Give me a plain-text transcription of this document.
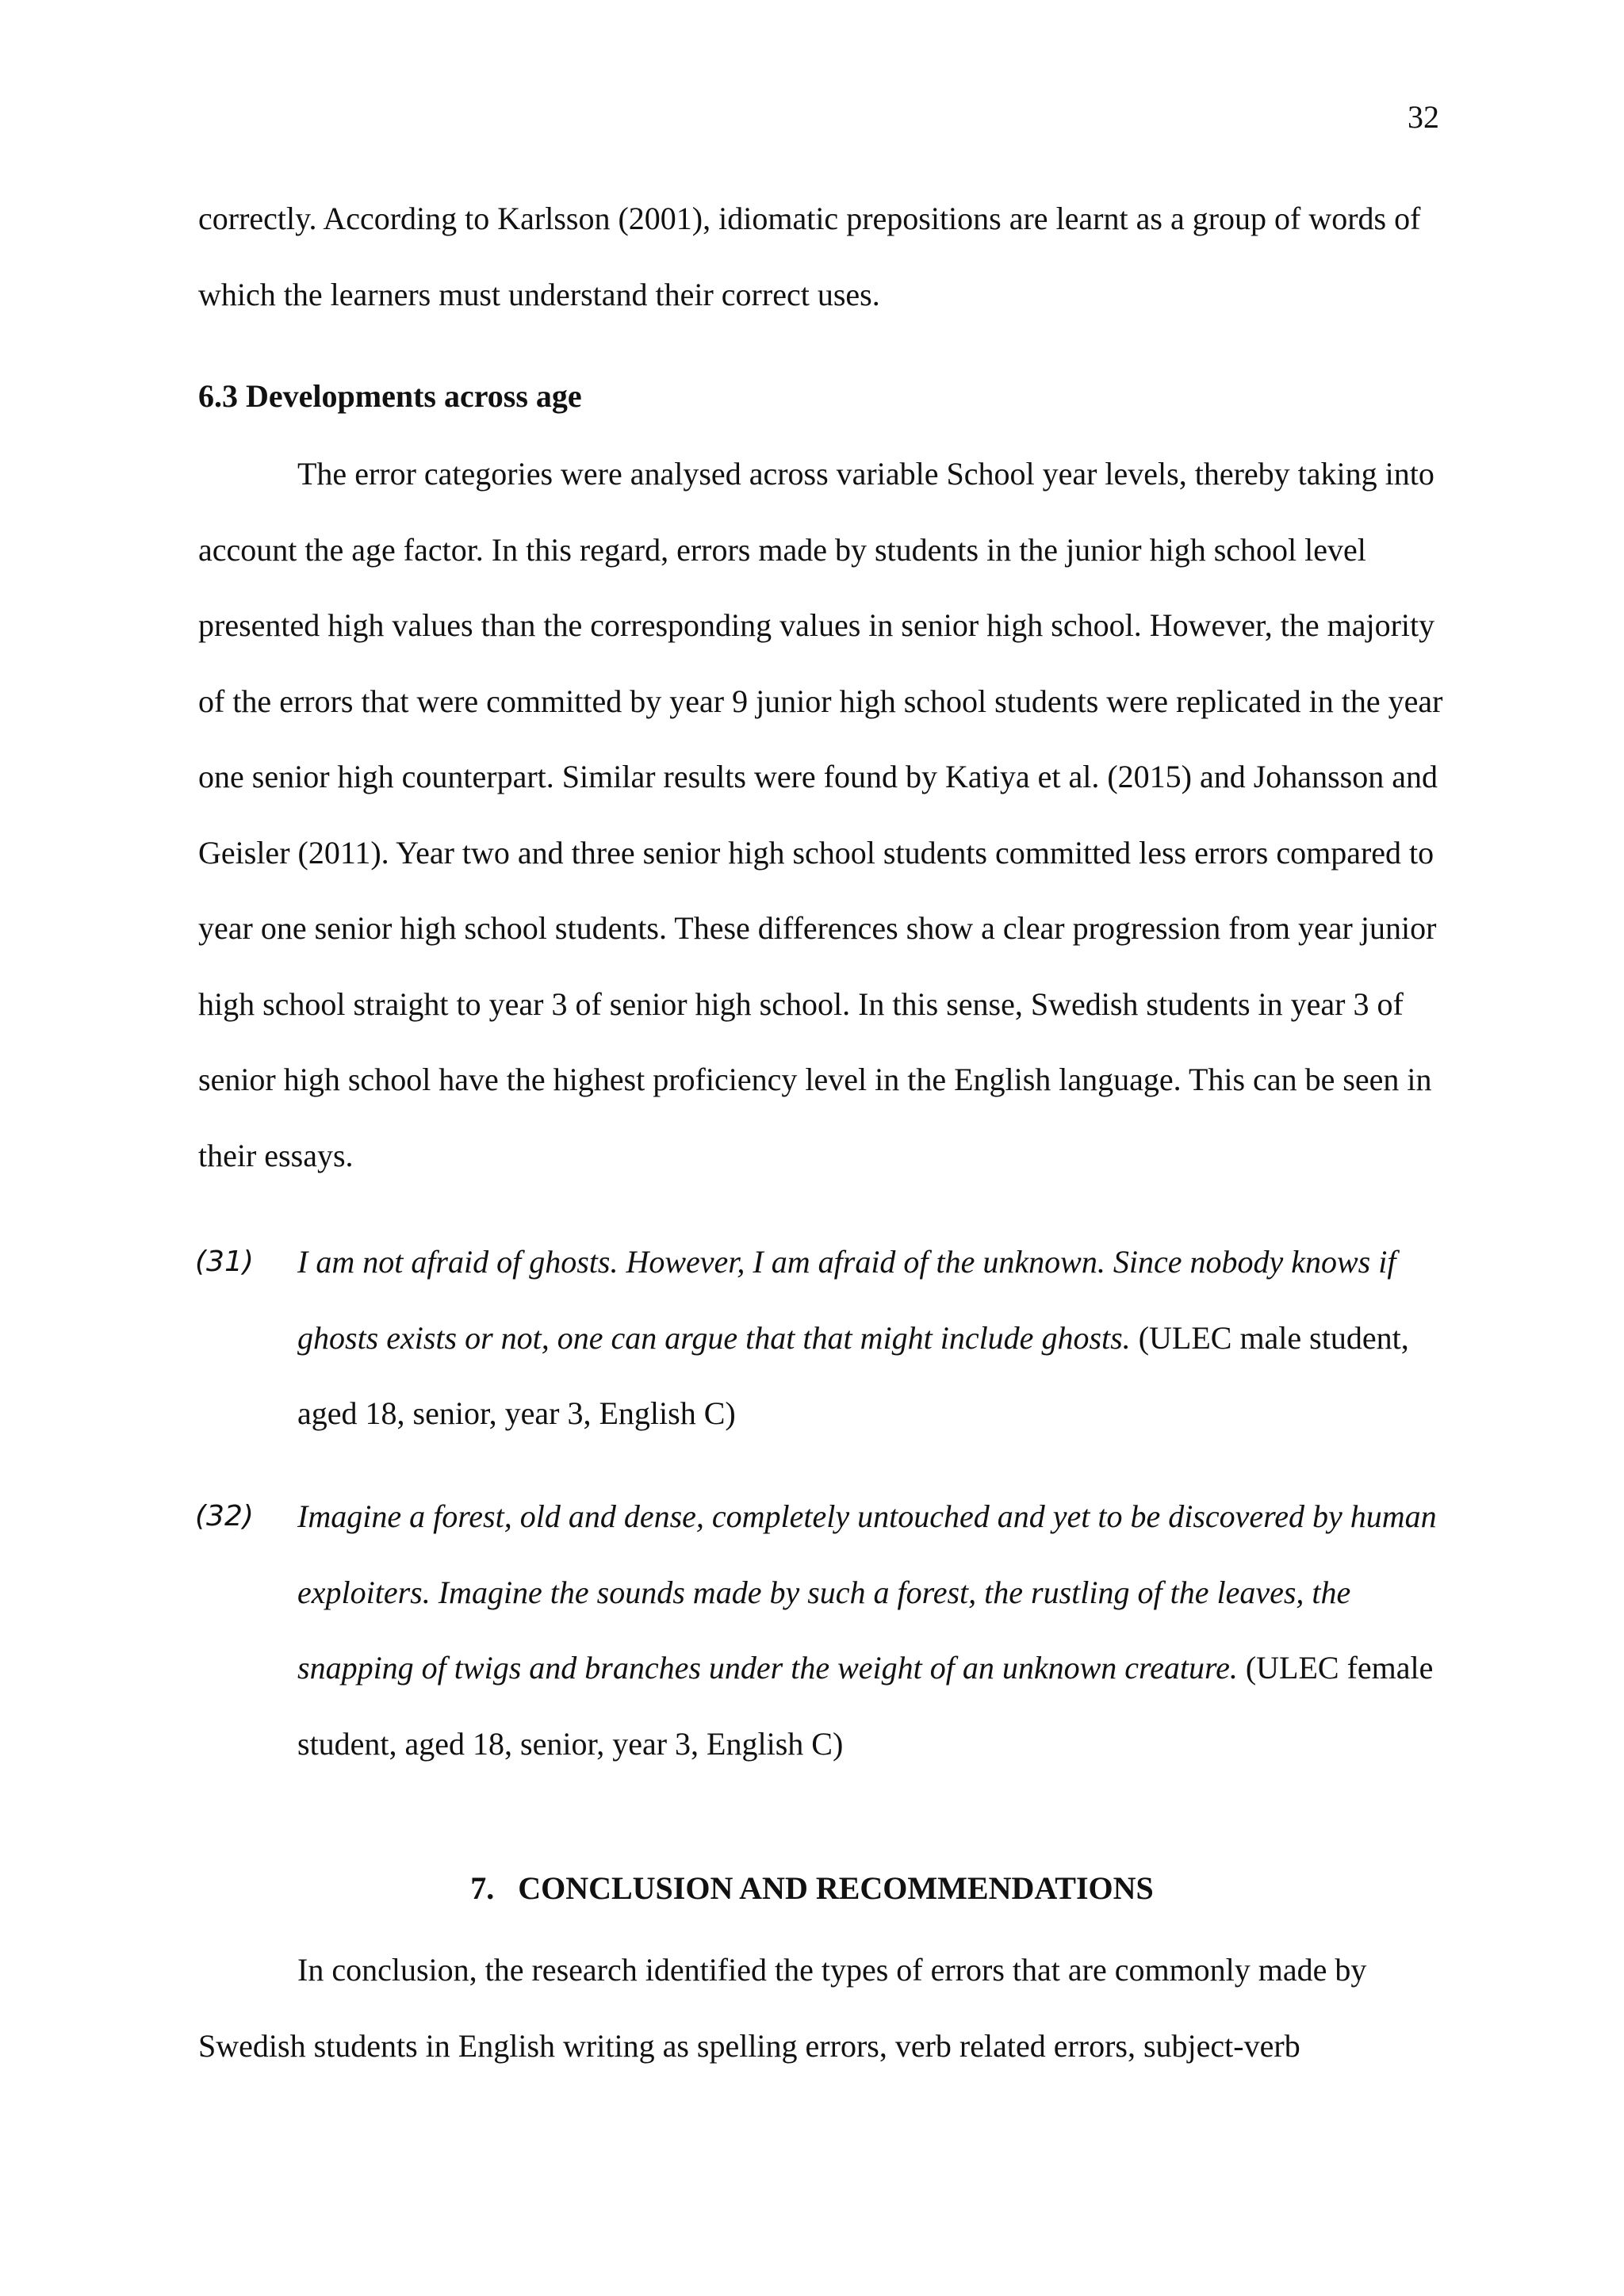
32

correctly. According to Karlsson (2001), idiomatic prepositions are learnt as a group of words of which the learners must understand their correct uses.

6.3 Developments across age

The error categories were analysed across variable School year levels, thereby taking into account the age factor. In this regard, errors made by students in the junior high school level presented high values than the corresponding values in senior high school. However, the majority of the errors that were committed by year 9 junior high school students were replicated in the year one senior high counterpart. Similar results were found by Katiya et al. (2015) and Johansson and Geisler (2011). Year two and three senior high school students committed less errors compared to year one senior high school students. These differences show a clear progression from year junior high school straight to year 3 of senior high school. In this sense, Swedish students in year 3 of senior high school have the highest proficiency level in the English language. This can be seen in their essays.

(31) I am not afraid of ghosts. However, I am afraid of the unknown. Since nobody knows if ghosts exists or not, one can argue that that might include ghosts. (ULEC male student, aged 18, senior, year 3, English C)
(32) Imagine a forest, old and dense, completely untouched and yet to be discovered by human exploiters. Imagine the sounds made by such a forest, the rustling of the leaves, the snapping of twigs and branches under the weight of an unknown creature. (ULEC female student, aged 18, senior, year 3, English C)
7.   CONCLUSION AND RECOMMENDATIONS

In conclusion, the research identified the types of errors that are commonly made by Swedish students in English writing as spelling errors, verb related errors, subject-verb
